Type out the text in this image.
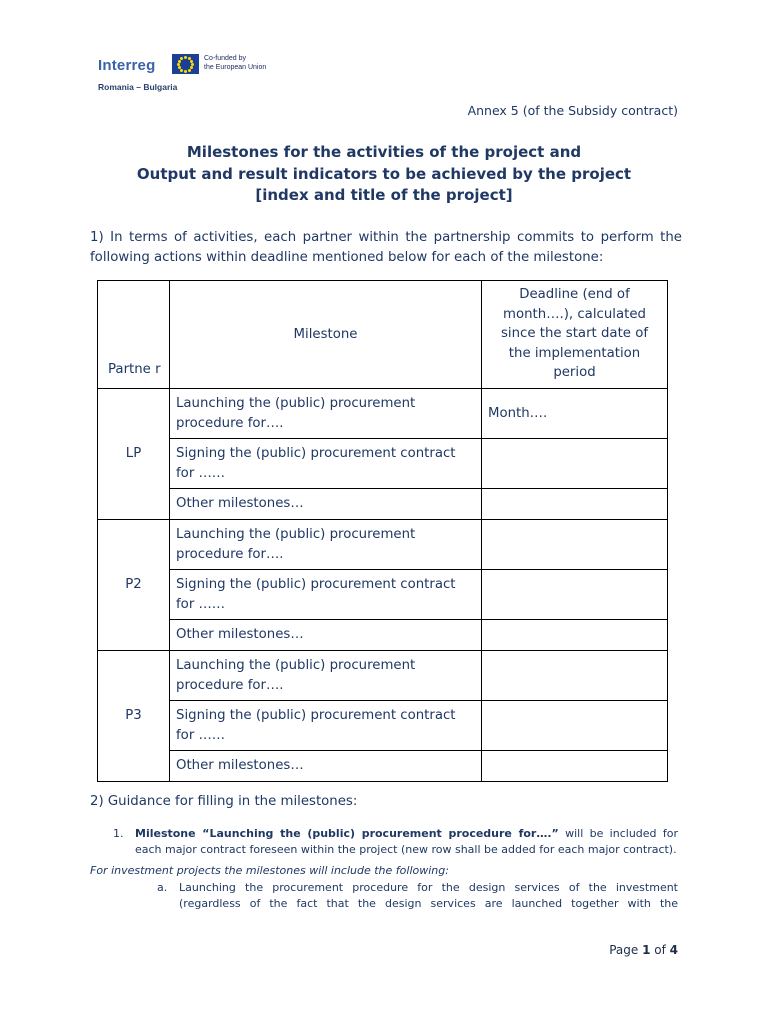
Interreg	Co-funded by
the European Union
Romania – Bulgaria
Annex 5 (of the Subsidy contract)
Milestones for the activities of the project and
Output and result indicators to be achieved by the project
[index and title of the project]
1) In terms of activities, each partner within the partnership commits to perform the following actions within deadline mentioned below for each of the milestone:
Partne r	Milestone	Deadline (end of month….), calculated since the start date of the implementation period
LP	Launching the (public) procurement procedure for….	Month….
	Signing the (public) procurement contract for ……	
	Other milestones…	
P2	Launching the (public) procurement procedure for….	
	Signing the (public) procurement contract for ……	
	Other milestones…	
P3	Launching the (public) procurement procedure for….	
	Signing the (public) procurement contract for ……	
	Other milestones…	
2) Guidance for filling in the milestones:
1. Milestone “Launching the (public) procurement procedure for….” will be included for each major contract foreseen within the project (new row shall be added for each major contract).
For investment projects the milestones will include the following:
a. Launching the procurement procedure for the design services of the investment (regardless of the fact that the design services are launched together with the
Page 1 of 4
